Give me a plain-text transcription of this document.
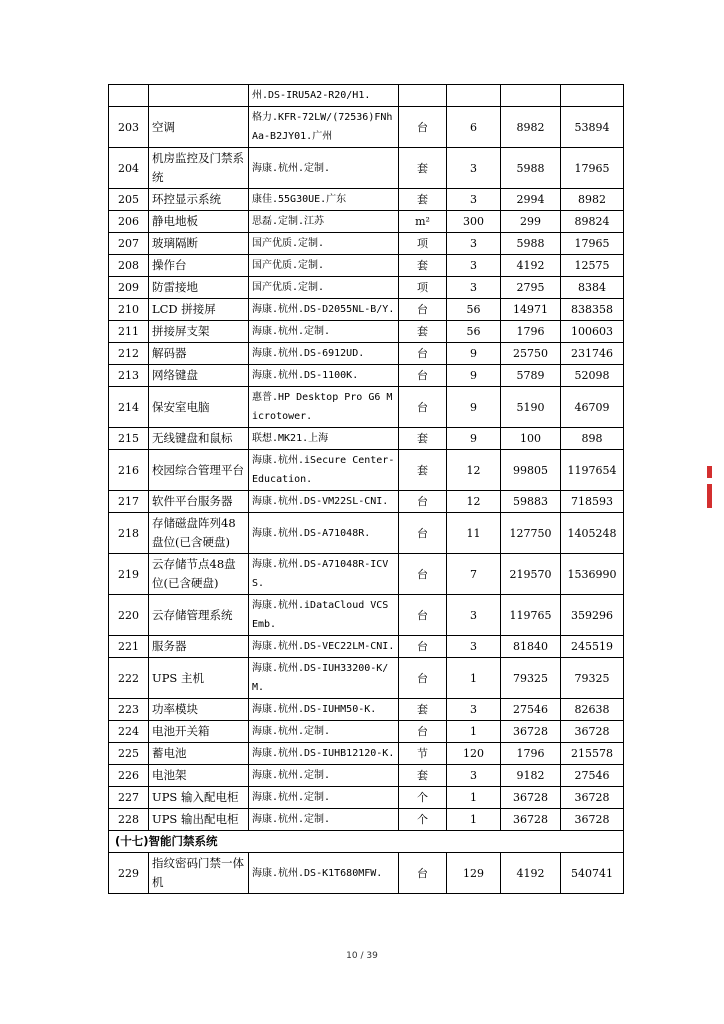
		州.DS-IRU5A2-R20/H1.				
203	空调	格力.KFR-72LW/(72536)FNhAa-B2JY01.广州	台	6	8982	53894
204	机房监控及门禁系统	海康.杭州.定制.	套	3	5988	17965
205	环控显示系统	康佳.55G30UE.广东	套	3	2994	8982
206	静电地板	思磊.定制.江苏	m²	300	299	89824
207	玻璃隔断	国产优质.定制.	项	3	5988	17965
208	操作台	国产优质.定制.	套	3	4192	12575
209	防雷接地	国产优质.定制.	项	3	2795	8384
210	LCD 拼接屏	海康.杭州.DS-D2055NL-B/Y.	台	56	14971	838358
211	拼接屏支架	海康.杭州.定制.	套	56	1796	100603
212	解码器	海康.杭州.DS-6912UD.	台	9	25750	231746
213	网络键盘	海康.杭州.DS-1100K.	台	9	5789	52098
214	保安室电脑	惠普.HP Desktop Pro G6 Microtower.	台	9	5190	46709
215	无线键盘和鼠标	联想.MK21.上海	套	9	100	898
216	校园综合管理平台	海康.杭州.iSecure Center-Education.	套	12	99805	1197654
217	软件平台服务器	海康.杭州.DS-VM22SL-CNI.	台	12	59883	718593
218	存储磁盘阵列48盘位(已含硬盘)	海康.杭州.DS-A71048R.	台	11	127750	1405248
219	云存储节点48盘位(已含硬盘)	海康.杭州.DS-A71048R-ICVS.	台	7	219570	1536990
220	云存储管理系统	海康.杭州.iDataCloud VCS Emb.	台	3	119765	359296
221	服务器	海康.杭州.DS-VEC22LM-CNI.	台	3	81840	245519
222	UPS 主机	海康.杭州.DS-IUH33200-K/M.	台	1	79325	79325
223	功率模块	海康.杭州.DS-IUHM50-K.	套	3	27546	82638
224	电池开关箱	海康.杭州.定制.	台	1	36728	36728
225	蓄电池	海康.杭州.DS-IUHB12120-K.	节	120	1796	215578
226	电池架	海康.杭州.定制.	套	3	9182	27546
227	UPS 输入配电柜	海康.杭州.定制.	个	1	36728	36728
228	UPS 输出配电柜	海康.杭州.定制.	个	1	36728	36728
(十七)智能门禁系统						
229	指纹密码门禁一体机	海康.杭州.DS-K1T680MFW.	台	129	4192	540741
10 / 39
